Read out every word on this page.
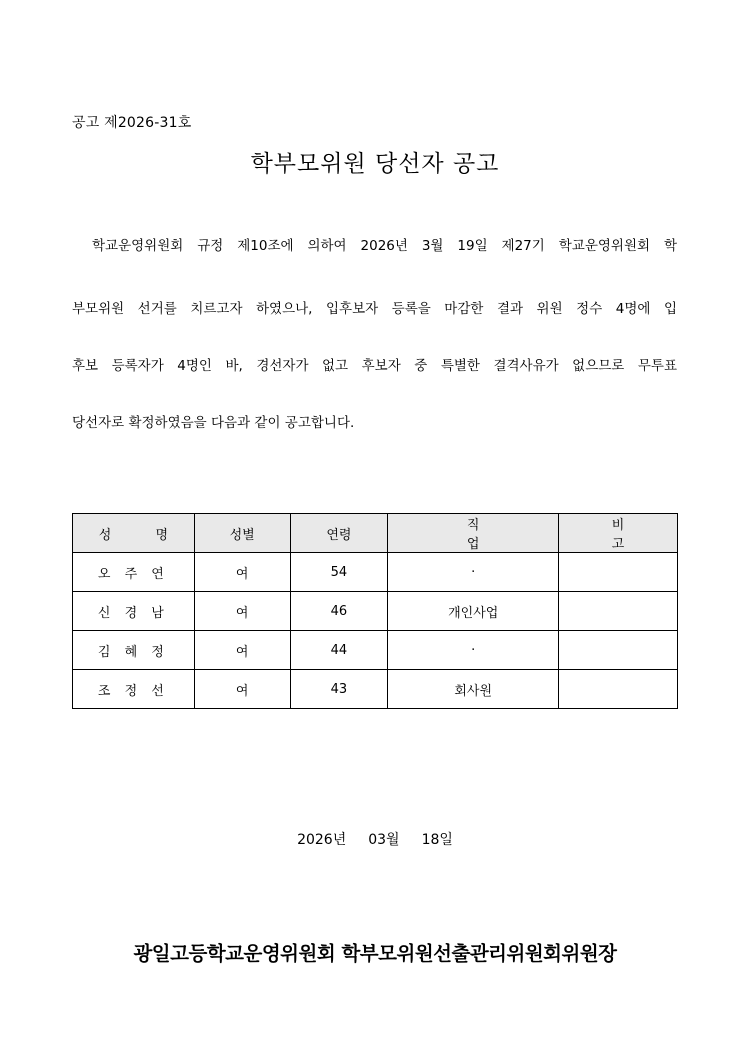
공고 제2026-31호
학부모위원 당선자 공고
학교운영위원회 규정 제10조에 의하여 2026년 3월 19일 제27기 학교운영위원회 학
부모위원 선거를 치르고자 하였으나, 입후보자 등록을 마감한 결과 위원 정수 4명에 입
후보 등록자가 4명인 바, 경선자가 없고 후보자 중 특별한 결격사유가 없으므로 무투표
당선자로 확정하였음을 다음과 같이 공고합니다.
성 명	성별	연령	직 업	비 고
오 주 연	여	54	·	
신 경 남	여	46	개인사업	
김 혜 정	여	44	·	
조 정 선	여	43	회사원	
2026년 03월 18일
광일고등학교운영위원회 학부모위원선출관리위원회위원장
